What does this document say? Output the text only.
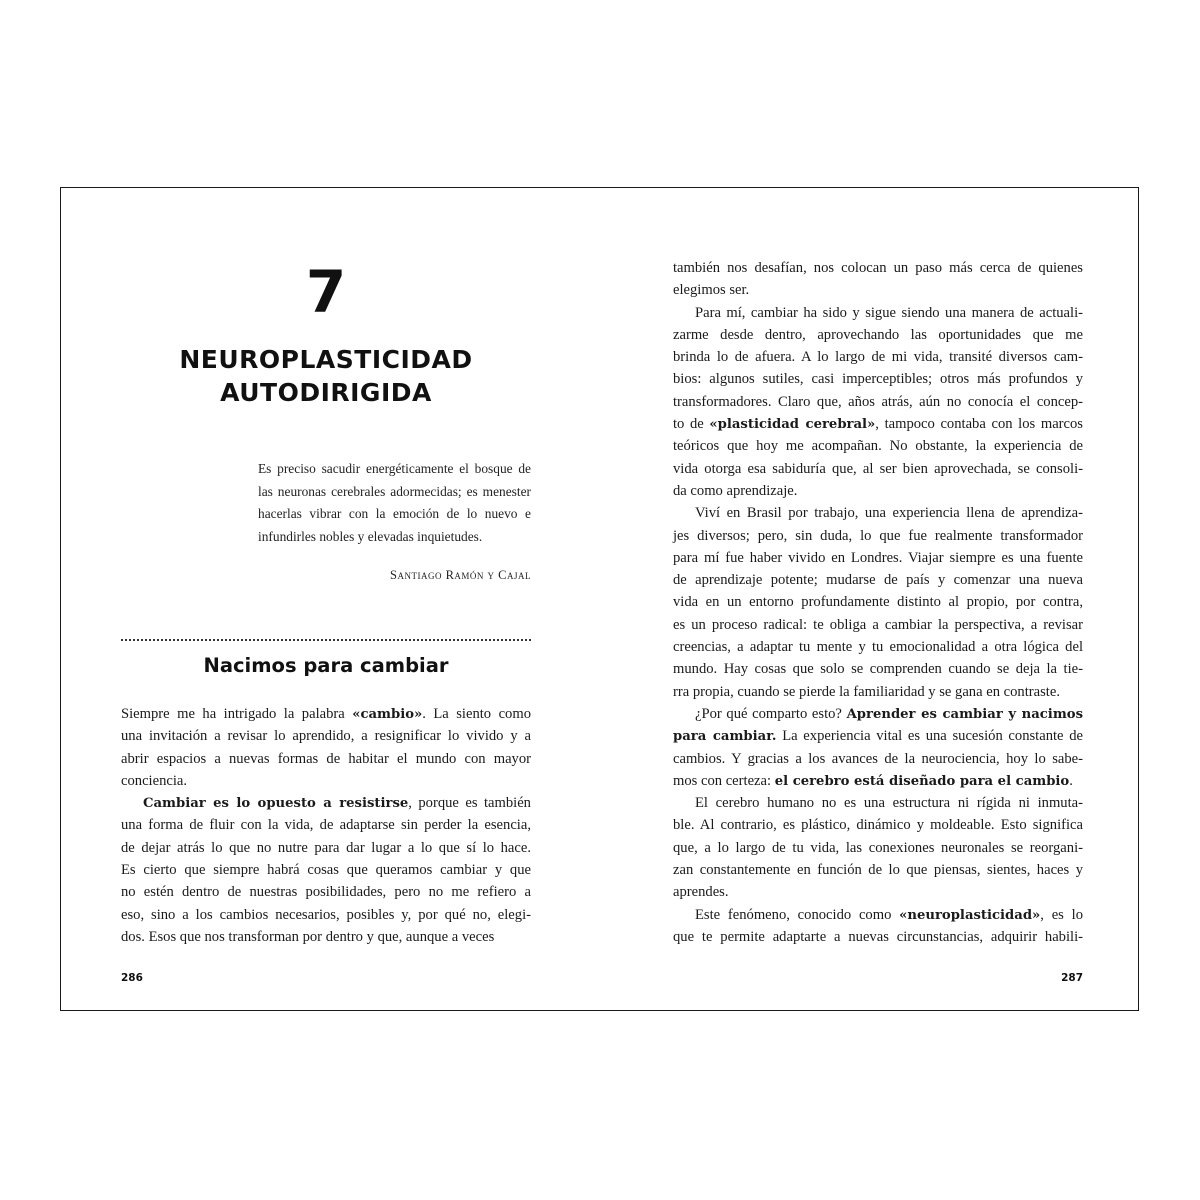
7
NEUROPLASTICIDAD
AUTODIRIGIDA
Es preciso sacudir energéticamente el bosque de las neuronas cerebrales adormecidas; es menester hacerlas vibrar con la emoción de lo nuevo e infundirles nobles y elevadas inquietudes.
Santiago Ramón y Cajal
Nacimos para cambiar
Siempre me ha intrigado la palabra «cambio». La siento como
una invitación a revisar lo aprendido, a resignificar lo vivido y a
abrir espacios a nuevas formas de habitar el mundo con mayor
conciencia.
Cambiar es lo opuesto a resistirse, porque es también
una forma de fluir con la vida, de adaptarse sin perder la esencia,
de dejar atrás lo que no nutre para dar lugar a lo que sí lo hace.
Es cierto que siempre habrá cosas que queramos cambiar y que
no estén dentro de nuestras posibilidades, pero no me refiero a
eso, sino a los cambios necesarios, posibles y, por qué no, elegi-
dos. Esos que nos transforman por dentro y que, aunque a veces
286
también nos desafían, nos colocan un paso más cerca de quienes
elegimos ser.
Para mí, cambiar ha sido y sigue siendo una manera de actuali-
zarme desde dentro, aprovechando las oportunidades que me
brinda lo de afuera. A lo largo de mi vida, transité diversos cam-
bios: algunos sutiles, casi imperceptibles; otros más profundos y
transformadores. Claro que, años atrás, aún no conocía el concep-
to de «plasticidad cerebral», tampoco contaba con los marcos
teóricos que hoy me acompañan. No obstante, la experiencia de
vida otorga esa sabiduría que, al ser bien aprovechada, se consoli-
da como aprendizaje.
Viví en Brasil por trabajo, una experiencia llena de aprendiza-
jes diversos; pero, sin duda, lo que fue realmente transformador
para mí fue haber vivido en Londres. Viajar siempre es una fuente
de aprendizaje potente; mudarse de país y comenzar una nueva
vida en un entorno profundamente distinto al propio, por contra,
es un proceso radical: te obliga a cambiar la perspectiva, a revisar
creencias, a adaptar tu mente y tu emocionalidad a otra lógica del
mundo. Hay cosas que solo se comprenden cuando se deja la tie-
rra propia, cuando se pierde la familiaridad y se gana en contraste.
¿Por qué comparto esto? Aprender es cambiar y nacimos
para cambiar. La experiencia vital es una sucesión constante de
cambios. Y gracias a los avances de la neurociencia, hoy lo sabe-
mos con certeza: el cerebro está diseñado para el cambio.
El cerebro humano no es una estructura ni rígida ni inmuta-
ble. Al contrario, es plástico, dinámico y moldeable. Esto significa
que, a lo largo de tu vida, las conexiones neuronales se reorgani-
zan constantemente en función de lo que piensas, sientes, haces y
aprendes.
Este fenómeno, conocido como «neuroplasticidad», es lo
que te permite adaptarte a nuevas circunstancias, adquirir habili-
287
